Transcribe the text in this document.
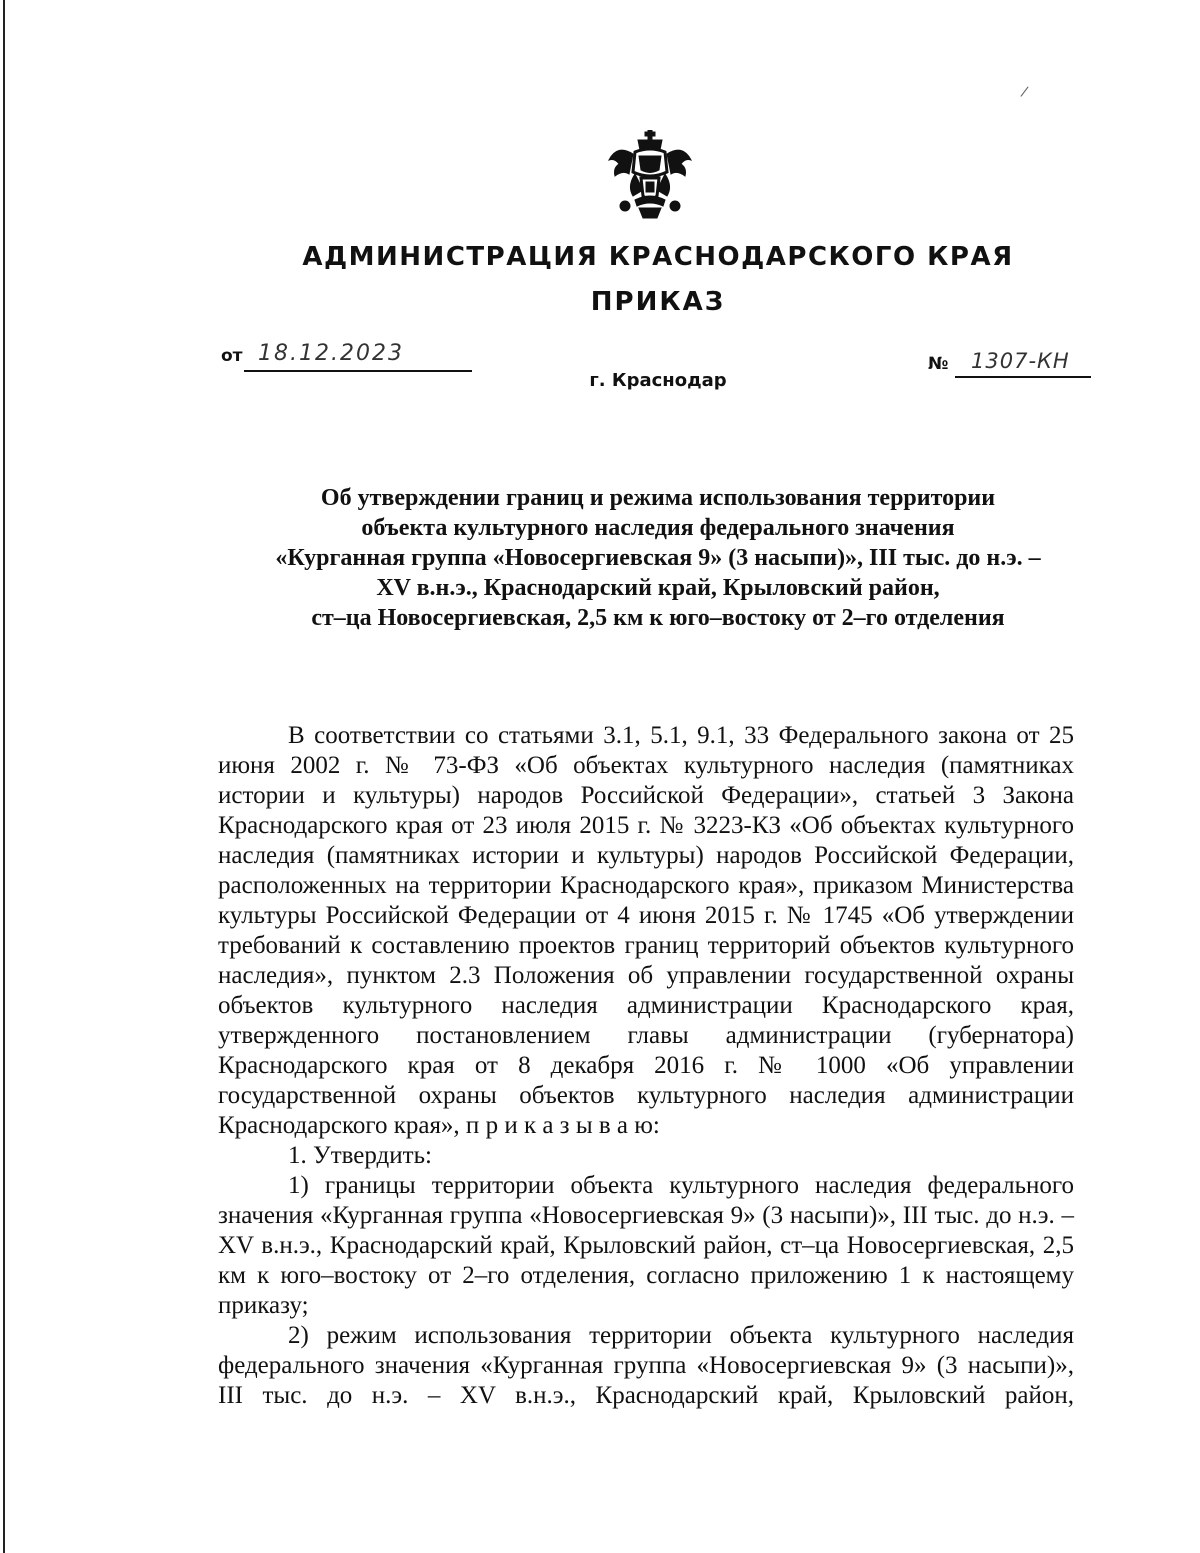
/
АДМИНИСТРАЦИЯ КРАСНОДАРСКОГО КРАЯ
ПРИКАЗ
от 18.12.2023	№	1307-КН
г. Краснодар
Об утверждении границ и режима использования территории
объекта культурного наследия федерального значения
«Курганная группа «Новосергиевская 9» (3 насыпи)», III тыс. до н.э. –
XV в.н.э., Краснодарский край, Крыловский район,
ст–ца Новосергиевская, 2,5 км к юго–востоку от 2–го отделения

В соответствии со статьями 3.1, 5.1, 9.1, 33 Федерального закона от 25 июня 2002 г. № 73-ФЗ «Об объектах культурного наследия (памятниках истории и культуры) народов Российской Федерации», статьей 3 Закона Краснодарского края от 23 июля 2015 г. № 3223-КЗ «Об объектах культурного наследия (памятниках истории и культуры) народов Российской Федерации, расположенных на территории Краснодарского края», приказом Министерства культуры Российской Федерации от 4 июня 2015 г. № 1745 «Об утверждении требований к составлению проектов границ территорий объектов культурного наследия», пунктом 2.3 Положения об управлении государственной охраны объектов культурного наследия администрации Краснодарского края, утвержденного постановлением главы администрации (губернатора) Краснодарского края от 8 декабря 2016 г. № 1000 «Об управлении государственной охраны объектов культурного наследия администрации Краснодарского края», п р и к а з ы в а ю:

1. Утвердить:

1) границы территории объекта культурного наследия федерального значения «Курганная группа «Новосергиевская 9» (3 насыпи)», III тыс. до н.э. – XV в.н.э., Краснодарский край, Крыловский район, ст–ца Новосергиевская, 2,5 км к юго–востоку от 2–го отделения, согласно приложению 1 к настоящему приказу;

2) режим использования территории объекта культурного наследия федерального значения «Курганная группа «Новосергиевская 9» (3 насыпи)», III тыс. до н.э. – XV в.н.э., Краснодарский край, Крыловский район,
